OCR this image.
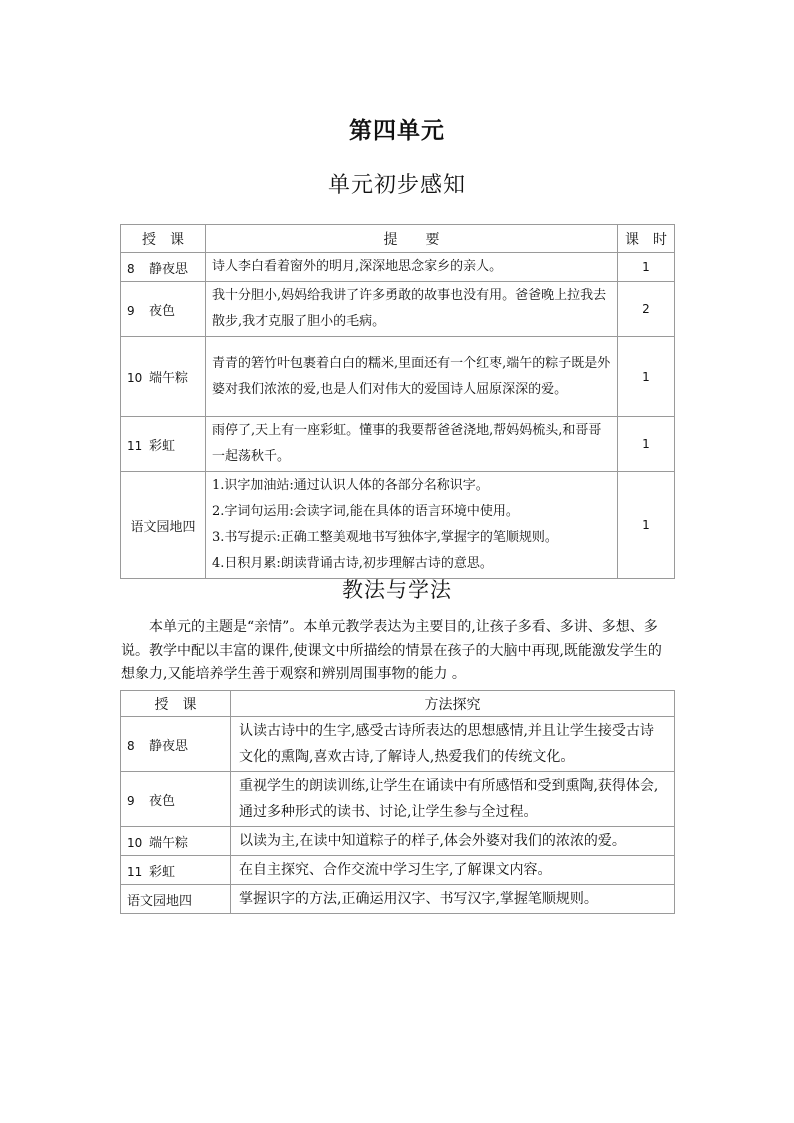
第四单元
单元初步感知
授　课	提　　要	课　时
8 静夜思	诗人李白看着窗外的明月,深深地思念家乡的亲人。	1
9 夜色	我十分胆小,妈妈给我讲了许多勇敢的故事也没有用。爸爸晚上拉我去散步,我才克服了胆小的毛病。	2
10 端午粽	青青的箬竹叶包裹着白白的糯米,里面还有一个红枣,端午的粽子既是外婆对我们浓浓的爱,也是人们对伟大的爱国诗人屈原深深的爱。	1
11 彩虹	雨停了,天上有一座彩虹。懂事的我要帮爸爸浇地,帮妈妈梳头,和哥哥一起荡秋千。	1
语文园地四	1.识字加油站:通过认识人体的各部分名称识字。
2.字词句运用:会读字词,能在具体的语言环境中使用。
3.书写提示:正确工整美观地书写独体字,掌握字的笔顺规则。
4.日积月累:朗读背诵古诗,初步理解古诗的意思。	1
教法与学法

本单元的主题是“亲情”。本单元教学表达为主要目的,让孩子多看、多讲、多想、多说。教学中配以丰富的课件,使课文中所描绘的情景在孩子的大脑中再现,既能激发学生的想象力,又能培养学生善于观察和辨别周围事物的能力 。

授　课	方法探究
8 静夜思	认读古诗中的生字,感受古诗所表达的思想感情,并且让学生接受古诗文化的熏陶,喜欢古诗,了解诗人,热爱我们的传统文化。
9 夜色	重视学生的朗读训练,让学生在诵读中有所感悟和受到熏陶,获得体会,通过多种形式的读书、讨论,让学生参与全过程。
10 端午粽	以读为主,在读中知道粽子的样子,体会外婆对我们的浓浓的爱。
11 彩虹	在自主探究、合作交流中学习生字,了解课文内容。
语文园地四	掌握识字的方法,正确运用汉字、书写汉字,掌握笔顺规则。
